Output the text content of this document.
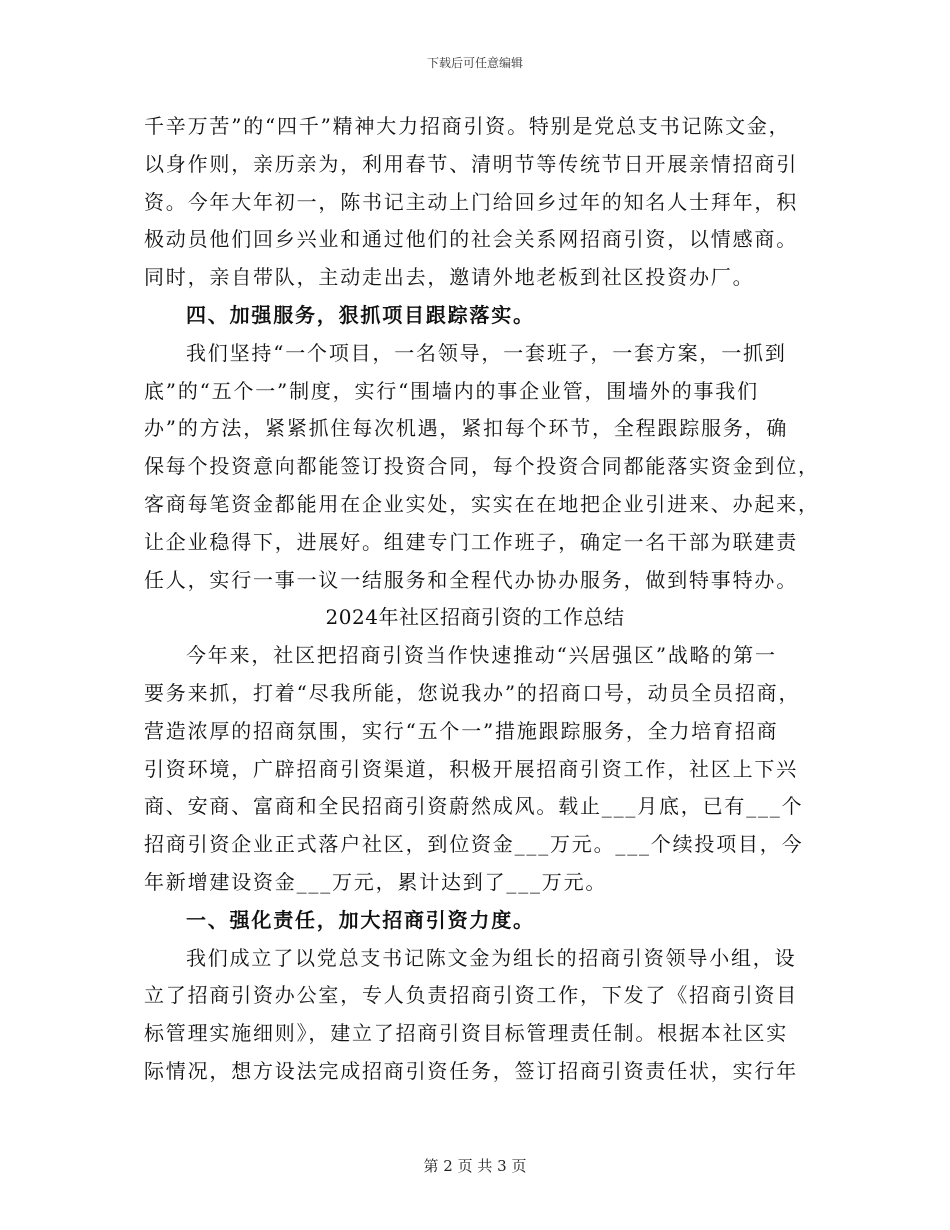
下载后可任意编辑
千辛万苦”的“四千”精神大力招商引资。特别是党总支书记陈文金，
以身作则，亲历亲为，利用春节、清明节等传统节日开展亲情招商引
资。今年大年初一，陈书记主动上门给回乡过年的知名人士拜年，积
极动员他们回乡兴业和通过他们的社会关系网招商引资，以情感商。
同时，亲自带队，主动走出去，邀请外地老板到社区投资办厂。
四、加强服务，狠抓项目跟踪落实。
我们坚持“一个项目，一名领导，一套班子，一套方案，一抓到
底”的“五个一”制度，实行“围墙内的事企业管，围墙外的事我们
办”的方法，紧紧抓住每次机遇，紧扣每个环节，全程跟踪服务，确
保每个投资意向都能签订投资合同，每个投资合同都能落实资金到位，
客商每笔资金都能用在企业实处，实实在在地把企业引进来、办起来，
让企业稳得下，进展好。组建专门工作班子，确定一名干部为联建责
任人，实行一事一议一结服务和全程代办协办服务，做到特事特办。
2024年社区招商引资的工作总结
今年来，社区把招商引资当作快速推动“兴居强区”战略的第一
要务来抓，打着“尽我所能，您说我办”的招商口号，动员全员招商，
营造浓厚的招商氛围，实行“五个一”措施跟踪服务，全力培育招商
引资环境，广辟招商引资渠道，积极开展招商引资工作，社区上下兴
商、安商、富商和全民招商引资蔚然成风。载止___月底，已有___个
招商引资企业正式落户社区，到位资金___万元。___个续投项目，今
年新增建设资金___万元，累计达到了___万元。
一、强化责任，加大招商引资力度。
我们成立了以党总支书记陈文金为组长的招商引资领导小组，设
立了招商引资办公室，专人负责招商引资工作，下发了《招商引资目
标管理实施细则》，建立了招商引资目标管理责任制。根据本社区实
际情况，想方设法完成招商引资任务，签订招商引资责任状，实行年
第 2 页 共 3 页
